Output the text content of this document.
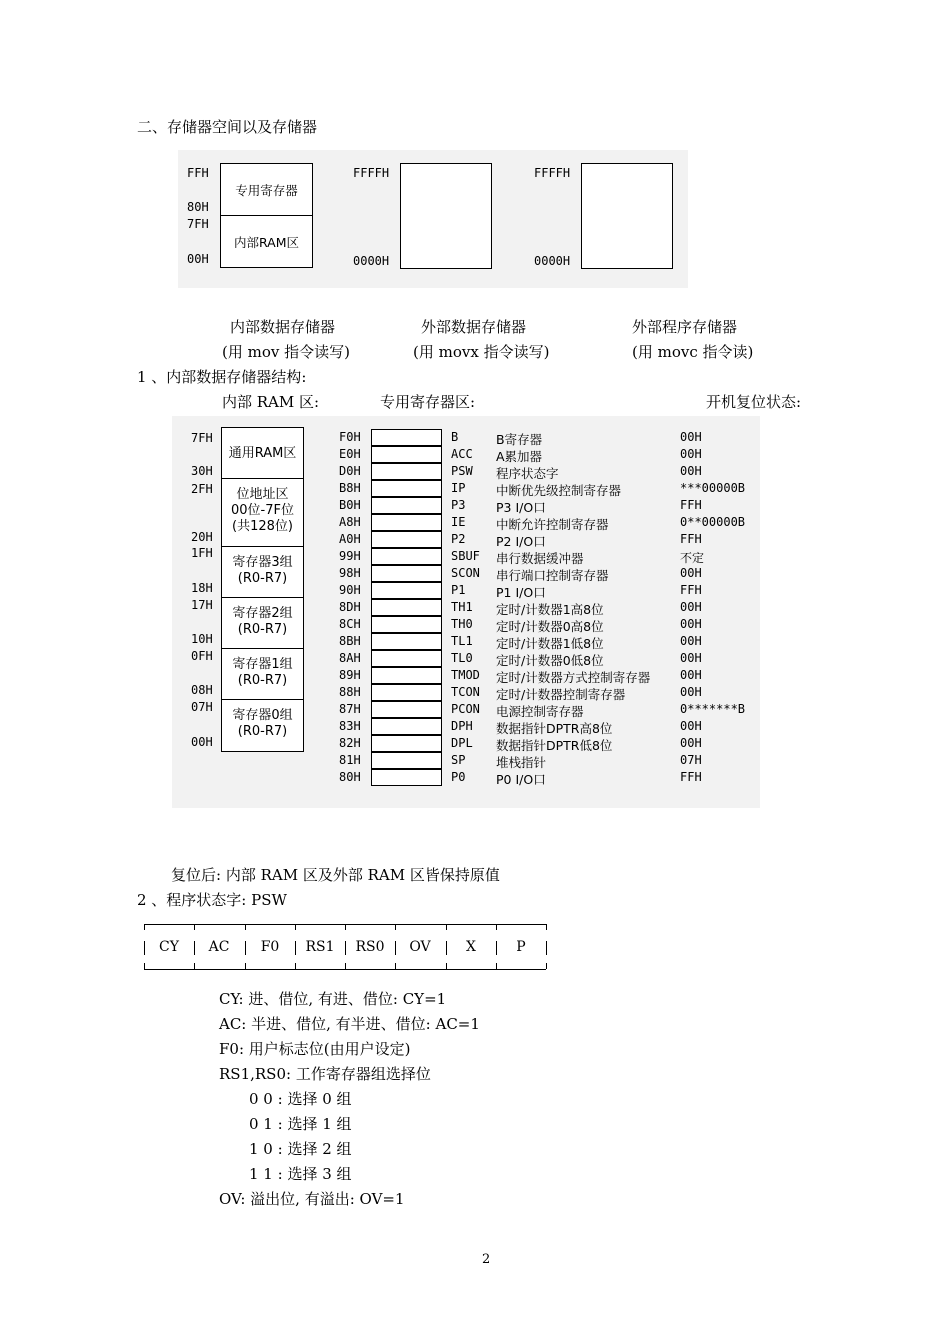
二、存储器空间以及存储器
FFH
80H
7FH
00H
专用寄存器
内部RAM区
FFFFH
0000H
FFFFH
0000H
内部数据存储器
(用 mov 指令读写)
外部数据存储器
(用 movx 指令读写)
外部程序存储器
(用 movc 指令读)
1 、内部数据存储器结构:
内部 RAM 区:	专用寄存器区:	开机复位状态:
7FH
30H
2FH
20H
1FH
18H
17H
10H
0FH
08H
07H
00H
通用RAM区
位地址区
00位-7F位
(共128位)
寄存器3组
(R0-R7)
寄存器2组
(R0-R7)
寄存器1组
(R0-R7)
寄存器0组
(R0-R7)
F0H	B	B寄存器	00H
E0H	ACC A累加器	00H
D0H	PSW 程序状态字	00H
B8H	IP 中断优先级控制寄存器	***00000B
B0H	P3 P3 I/O口	FFH
A8H	IE 中断允许控制寄存器	0**00000B
A0H	P2 P2 I/O口	FFH
99H	SBUF 串行数据缓冲器	不定
98H	SCON 串行端口控制寄存器	00H
90H	P1 P1 I/O口	FFH
8DH	TH1 定时/计数器1高8位	00H
8CH	TH0 定时/计数器0高8位	00H
8BH	TL1 定时/计数器1低8位	00H
8AH	TL0 定时/计数器0低8位	00H
89H	TMOD 定时/计数器方式控制寄存器 00H
88H	TCON 定时/计数器控制寄存器	00H
87H	PCON 电源控制寄存器	0*******B
83H	DPH 数据指针DPTR高8位	00H
82H	DPL 数据指针DPTR低8位	00H
81H	SP 堆栈指针	07H
80H	P0 P0 I/O口	FFH
复位后: 内部 RAM 区及外部 RAM 区皆保持原值
2 、程序状态字: PSW
CY	AC	F0	RS1	RS0	OV	X	P
CY: 进、借位, 有进、借位: CY=1
AC: 半进、借位, 有半进、借位: AC=1
F0: 用户标志位(由用户设定)
RS1,RS0: 工作寄存器组选择位
0 0 : 选择 0 组
0 1 : 选择 1 组
1 0 : 选择 2 组
1 1 : 选择 3 组
OV: 溢出位, 有溢出: OV=1
2
